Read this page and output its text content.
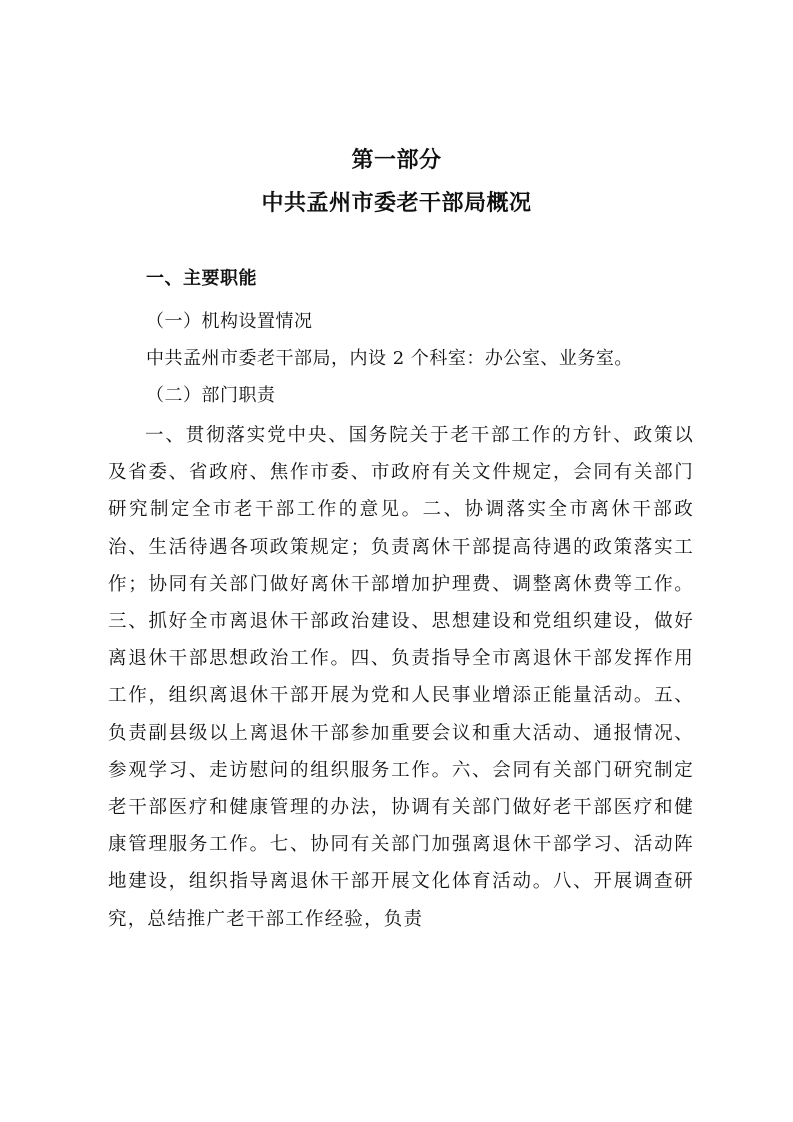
第一部分
中共孟州市委老干部局概况
一、主要职能

（一）机构设置情况

中共孟州市委老干部局，内设 2 个科室：办公室、业务室。

（二）部门职责

一、贯彻落实党中央、国务院关于老干部工作的方针、政策以及省委、省政府、焦作市委、市政府有关文件规定，会同有关部门研究制定全市老干部工作的意见。二、协调落实全市离休干部政治、生活待遇各项政策规定；负责离休干部提高待遇的政策落实工作；协同有关部门做好离休干部增加护理费、调整离休费等工作。三、抓好全市离退休干部政治建设、思想建设和党组织建设，做好离退休干部思想政治工作。四、负责指导全市离退休干部发挥作用工作，组织离退休干部开展为党和人民事业增添正能量活动。五、负责副县级以上离退休干部参加重要会议和重大活动、通报情况、参观学习、走访慰问的组织服务工作。六、会同有关部门研究制定老干部医疗和健康管理的办法，协调有关部门做好老干部医疗和健康管理服务工作。七、协同有关部门加强离退休干部学习、活动阵地建设，组织指导离退休干部开展文化体育活动。八、开展调查研究，总结推广老干部工作经验，负责
